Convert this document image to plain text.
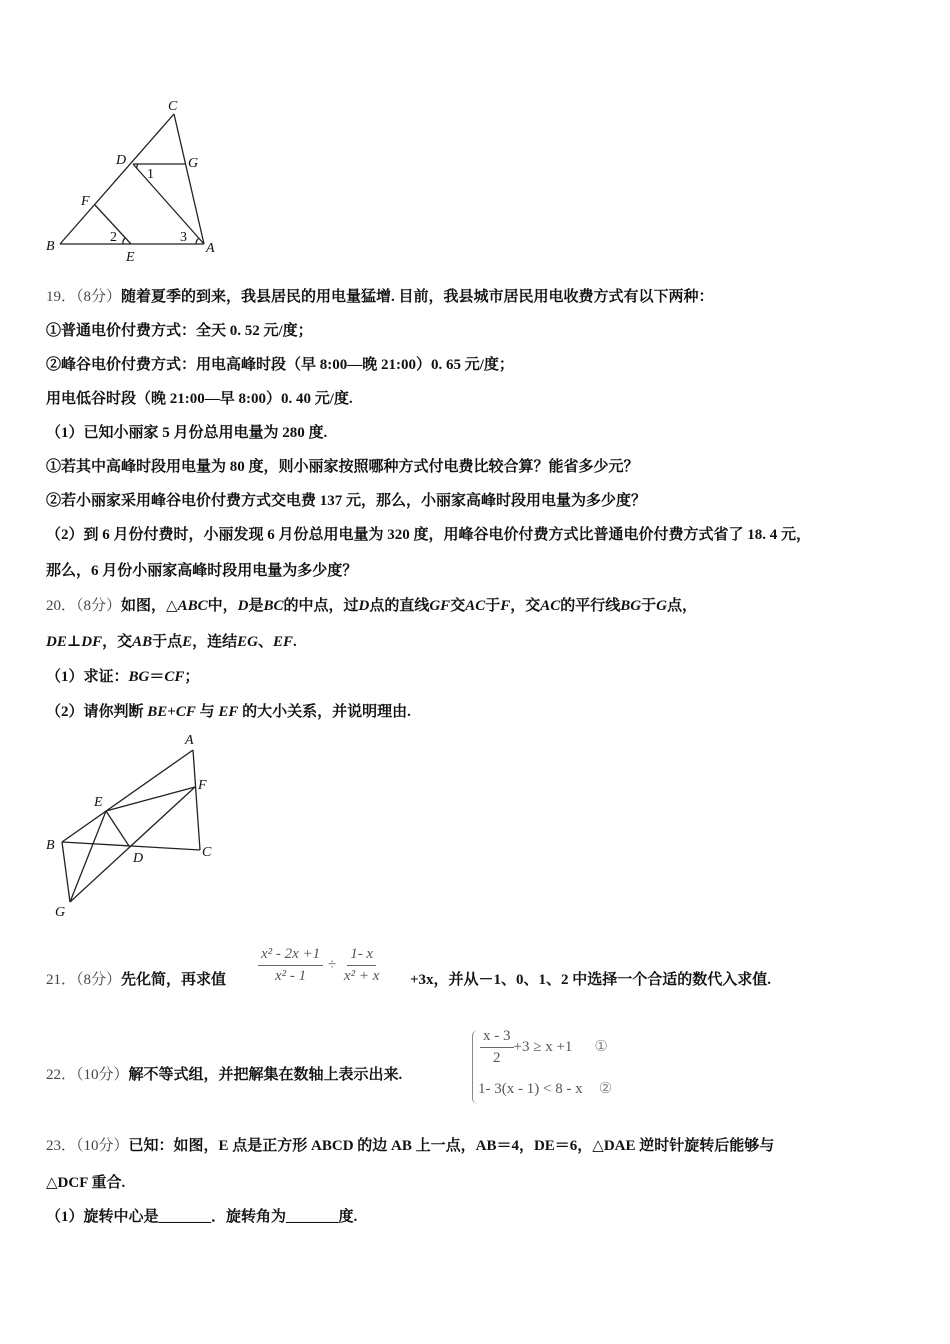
C
D	G
1
F
B
2
E
3
A
19．（8分）随着夏季的到来，我县居民的用电量猛增. 目前，我县城市居民用电收费方式有以下两种：
①普通电价付费方式：全天 0. 52 元/度；
②峰谷电价付费方式：用电高峰时段（早 8:00—晚 21:00）0. 65 元/度；
用电低谷时段（晚 21:00—早 8:00）0. 40 元/度.
（1）已知小丽家 5 月份总用电量为 280 度.
①若其中高峰时段用电量为 80 度，则小丽家按照哪种方式付电费比较合算？能省多少元？
②若小丽家采用峰谷电价付费方式交电费 137 元，那么，小丽家高峰时段用电量为多少度？
（2）到 6 月份付费时，小丽发现 6 月份总用电量为 320 度，用峰谷电价付费方式比普通电价付费方式省了 18. 4 元，
那么，6 月份小丽家高峰时段用电量为多少度？
20．（8分）如图，△ABC中，D是BC的中点，过D点的直线GF交AC于F，交AC的平行线BG于G点，
DE⊥DF，交AB于点E，连结EG、EF.
（1）求证：BG＝CF；
（2）请你判断 BE+CF 与 EF 的大小关系，并说明理由.
A
F
E
B
D	C
G
21．（8分）先化简，再求值 $\frac{\text{x² - 2x +1}}{\text{x² - 1}} \div \frac{1- x}{\text{x² + x}} +3x$，并从－1、0、1、2 中选择一个合适的数代入求值.
22．（10分）解不等式组，并把解集在数轴上表示出来.
$\frac{x - 3}{2} +3 \ge x +1$ ①
1- 3(x - 1) < 8 - x ②
23．（10分）已知：如图，E 点是正方形 ABCD 的边 AB 上一点，AB＝4，DE＝6，△DAE 逆时针旋转后能够与
△DCF 重合.
（1）旋转中心是_______．旋转角为_______度.
